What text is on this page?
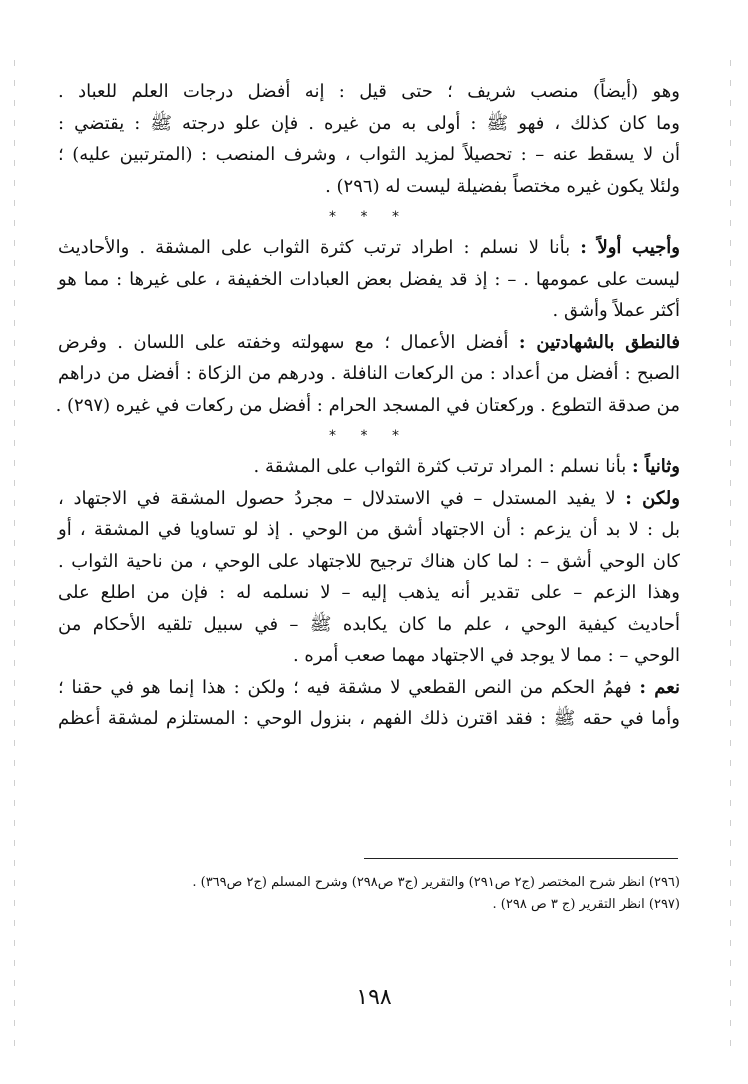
وهو (أيضاً) منصب شريف ؛ حتى قيل : إنه أفضل درجات العلم للعباد .
وما كان كذلك ، فهو ﷺ : أولى به من غيره . فإن علو درجته ﷺ : يقتضي :
أن لا يسقط عنه – : تحصيلاً لمزيد الثواب ، وشرف المنصب : (المترتبين عليه) ؛
ولئلا يكون غيره مختصاً بفضيلة ليست له (٢٩٦) .
* * *
وأجيب أولاً : بأنا لا نسلم : اطراد ترتب كثرة الثواب على المشقة . والأحاديث
ليست على عمومها . – : إذ قد يفضل بعض العبادات الخفيفة ، على غيرها : مما هو
أكثر عملاً وأشق .
فالنطق بالشهادتين : أفضل الأعمال ؛ مع سهولته وخفته على اللسان . وفرض
الصبح : أفضل من أعداد : من الركعات النافلة . ودرهم من الزكاة : أفضل من دراهم
من صدقة التطوع . وركعتان في المسجد الحرام : أفضل من ركعات في غيره (٢٩٧) .
* * *
وثانياً : بأنا نسلم : المراد ترتب كثرة الثواب على المشقة .
ولكن : لا يفيد المستدل – في الاستدلال – مجردُ حصول المشقة في الاجتهاد ،
بل : لا بد أن يزعم : أن الاجتهاد أشق من الوحي . إذ لو تساويا في المشقة ، أو
كان الوحي أشق – : لما كان هناك ترجيح للاجتهاد على الوحي ، من ناحية الثواب .
وهذا الزعم – على تقدير أنه يذهب إليه – لا نسلمه له : فإن من اطلع على
أحاديث كيفية الوحي ، علم ما كان يكابده ﷺ – في سبيل تلقيه الأحكام من
الوحي – : مما لا يوجد في الاجتهاد مهما صعب أمره .
نعم : فهمُ الحكم من النص القطعي لا مشقة فيه ؛ ولكن : هذا إنما هو في حقنا ؛
وأما في حقه ﷺ : فقد اقترن ذلك الفهم ، بنزول الوحي : المستلزم لمشقة أعظم
(٢٩٦) انظر شرح المختصر (ج٢ ص٢٩١) والتقرير (ج٣ ص٢٩٨) وشرح المسلم (ج٢ ص٣٦٩) .
(٢٩٧) انظر التقرير (ج ٣ ص ٢٩٨) .
١٩٨
